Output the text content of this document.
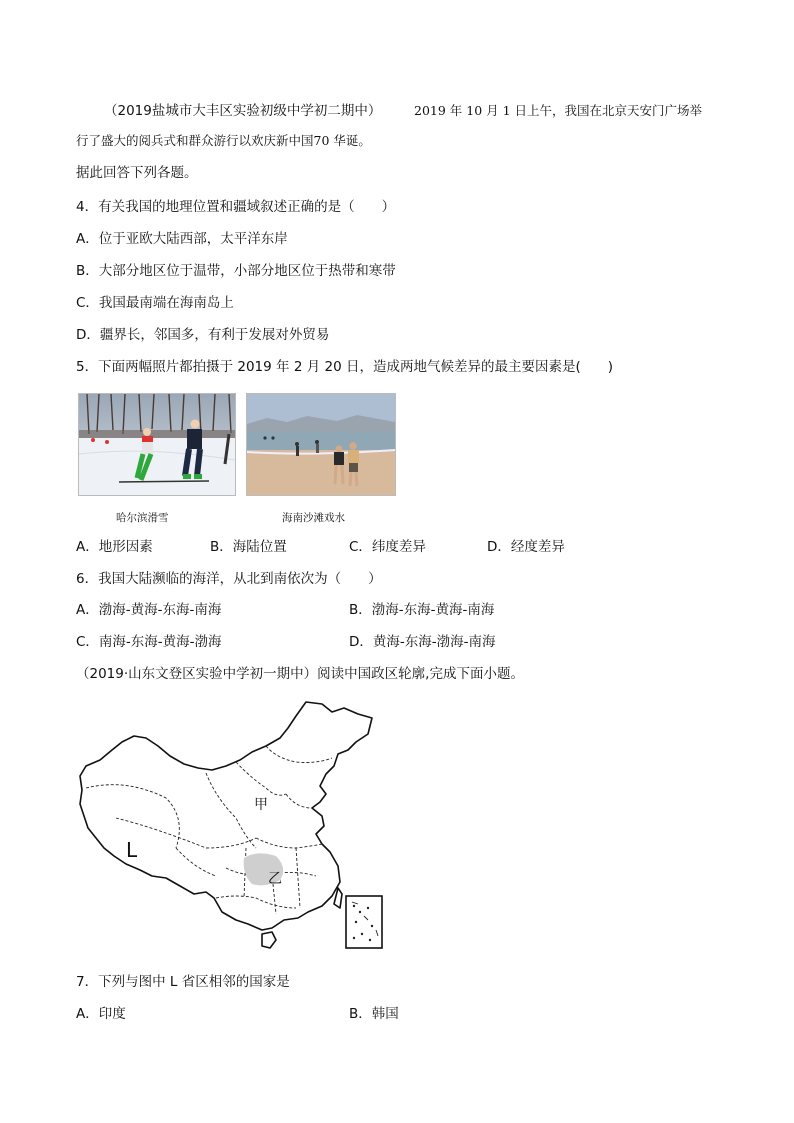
（2019盐城市大丰区实验初级中学初二期中）	2019 年 10 月 1 日上午，我国在北京天安门广场举
行了盛大的阅兵式和群众游行以欢庆新中国70 华诞。
据此回答下列各题。
4．有关我国的地理位置和疆域叙述正确的是（　　）
A．位于亚欧大陆西部，太平洋东岸
B．大部分地区位于温带，小部分地区位于热带和寒带
C．我国最南端在海南岛上
D．疆界长，邻国多，有利于发展对外贸易
5．下面两幅照片都拍摄于 2019 年 2 月 20 日，造成两地气候差异的最主要因素是(　　)
哈尔滨滑雪	海南沙滩戏水
A．地形因素	B．海陆位置	C．纬度差异	D．经度差异
6．我国大陆濒临的海洋，从北到南依次为（　　）
A．渤海-黄海-东海-南海	B．渤海-东海-黄海-南海
C．南海-东海-黄海-渤海	D．黄海-东海-渤海-南海
（2019·山东文登区实验中学初一期中）阅读中国政区轮廓,完成下面小题。
甲
L
乙
7．下列与图中 L 省区相邻的国家是
A．印度	B．韩国
